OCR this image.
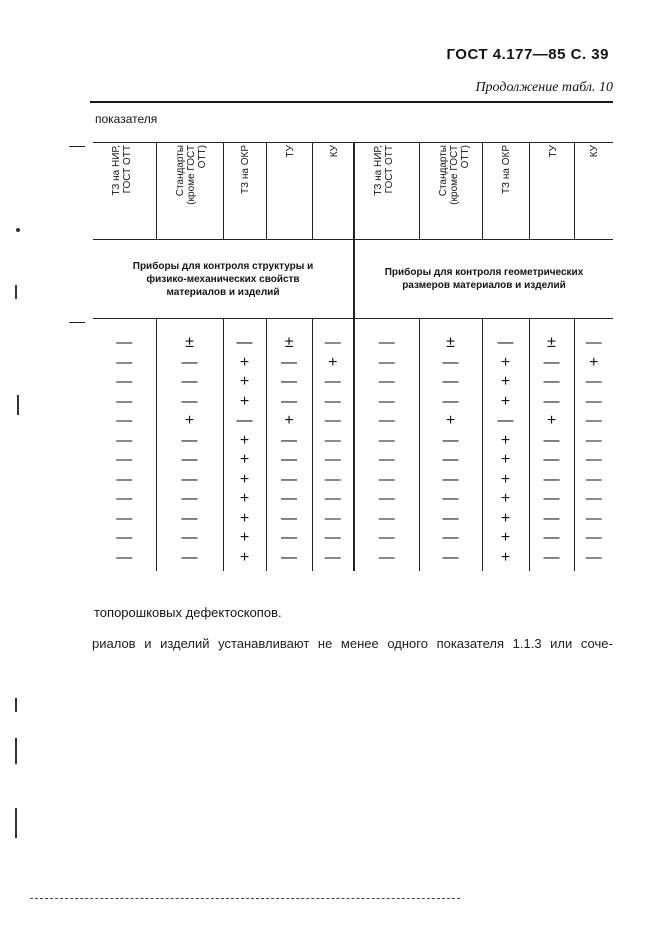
ГОСТ 4.177—85 С. 39
Продолжение табл. 10
показателя
ТЗ на НИР,
ГОСТ ОТТ	Стандарты
(кроме ГОСТ
ОТТ)	ТЗ на ОКР	ТУ	КУ	ТЗ на НИР,
ГОСТ ОТТ	Стандарты
(кроме ГОСТ
ОТТ)	ТЗ на ОКР	ТУ	КУ

Приборы для контроля структуры и физико-механических свойств материалов и изделий					Приборы для контроля геометрических размеров материалов и изделий				
—	±	—	±	—	—	±	—	±	—
—	—	+	—	+	—	—	+	—	+
—	—	+	—	—	—	—	+	—	—
—	—	+	—	—	—	—	+	—	—
—	+	—	+	—	—	+	—	+	—
—	—	+	—	—	—	—	+	—	—
—	—	+	—	—	—	—	+	—	—
—	—	+	—	—	—	—	+	—	—
—	—	+	—	—	—	—	+	—	—
—	—	+	—	—	—	—	+	—	—
—	—	+	—	—	—	—	+	—	—
—	—	+	—	—	—	—	+	—	—
топорошковых дефектоскопов.
риалов и изделий устанавливают не менее одного показателя 1.1.3 или соче-
